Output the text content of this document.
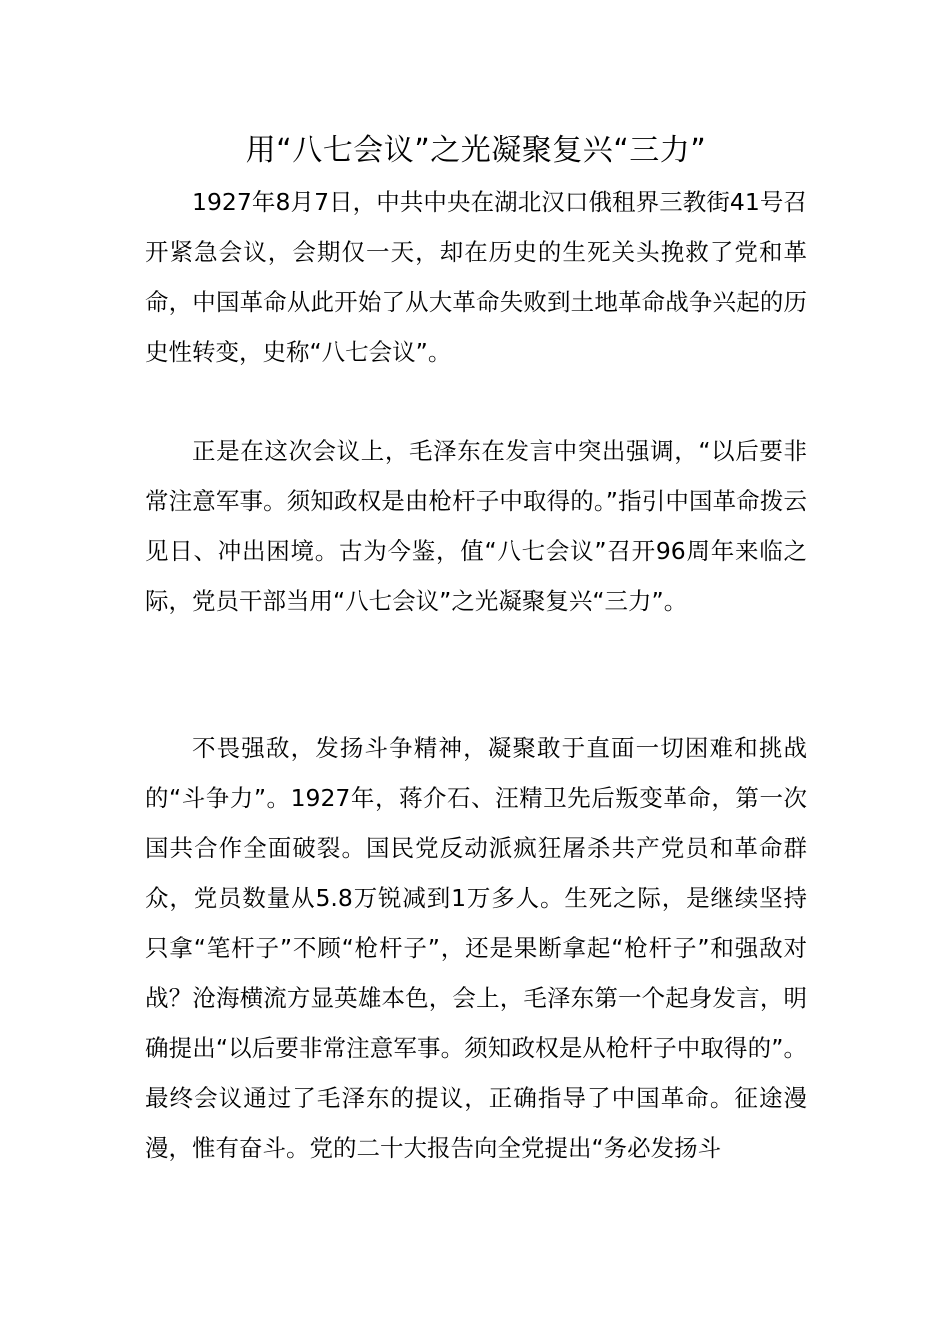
用“八七会议”之光凝聚复兴“三力”

1927年8月7日，中共中央在湖北汉口俄租界三教街41号召开紧急会议，会期仅一天，却在历史的生死关头挽救了党和革命，中国革命从此开始了从大革命失败到土地革命战争兴起的历史性转变，史称“八七会议”。

正是在这次会议上，毛泽东在发言中突出强调，“以后要非常注意军事。须知政权是由枪杆子中取得的。”指引中国革命拨云见日、冲出困境。古为今鉴，值“八七会议”召开96周年来临之际，党员干部当用“八七会议”之光凝聚复兴“三力”。

不畏强敌，发扬斗争精神，凝聚敢于直面一切困难和挑战的“斗争力”。1927年，蒋介石、汪精卫先后叛变革命，第一次国共合作全面破裂。国民党反动派疯狂屠杀共产党员和革命群众，党员数量从5.8万锐减到1万多人。生死之际，是继续坚持只拿“笔杆子”不顾“枪杆子”，还是果断拿起“枪杆子”和强敌对战？沧海横流方显英雄本色，会上，毛泽东第一个起身发言，明确提出“以后要非常注意军事。须知政权是从枪杆子中取得的”。最终会议通过了毛泽东的提议，正确指导了中国革命。征途漫漫，惟有奋斗。党的二十大报告向全党提出“务必发扬斗
